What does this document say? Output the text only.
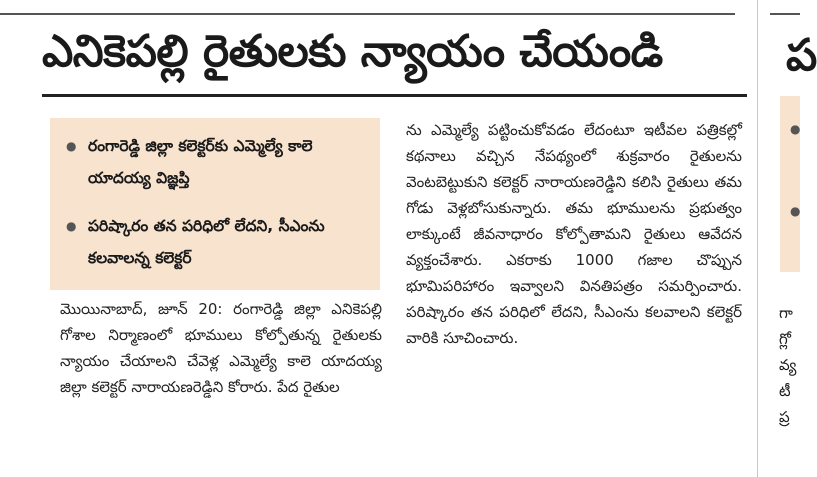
ఎనికెపల్లి రైతులకు న్యాయం చేయండి
● రంగారెడ్డి జిల్లా కలెక్టర్‌కు ఎమ్మెల్యే కాలె యాదయ్య విజ్ఞప్తి
● పరిష్కారం తన పరిధిలో లేదని, సీఎంను కలవాలన్న కలెక్టర్

మొయినాబాద్, జూన్ 20: రంగారెడ్డి జిల్లా ఎనికెపల్లి గోశాల నిర్మాణంలో భూములు కోల్పోతున్న రైతులకు న్యాయం చేయాలని చేవెళ్ల ఎమ్మెల్యే కాలె యాదయ్య జిల్లా కలెక్టర్ నారాయణరెడ్డిని కోరారు. పేద రైతుల

ను ఎమ్మెల్యే పట్టించుకోవడం లేదంటూ ఇటీవల పత్రికల్లో కథనాలు వచ్చిన నేపథ్యంలో శుక్రవారం రైతులను వెంటబెట్టుకుని కలెక్టర్ నారాయణరెడ్డిని కలిసి రైతులు తమ గోడు వెళ్లబోసుకున్నారు. తమ భూములను ప్రభుత్వం లాక్కుంటే జీవనాధారం కోల్పోతామని రైతులు ఆవేదన వ్యక్తంచేశారు. ఎకరాకు 1000 గజాల చొప్పున భూమిపరిహారం ఇవ్వాలని వినతిపత్రం సమర్పించారు. పరిష్కారం తన పరిధిలో లేదని, సీఎంను కలవాలని కలెక్టర్ వారికి సూచించారు.

ప
●
●
గా
గ్లో
వ్య
టీ
ప్ర
